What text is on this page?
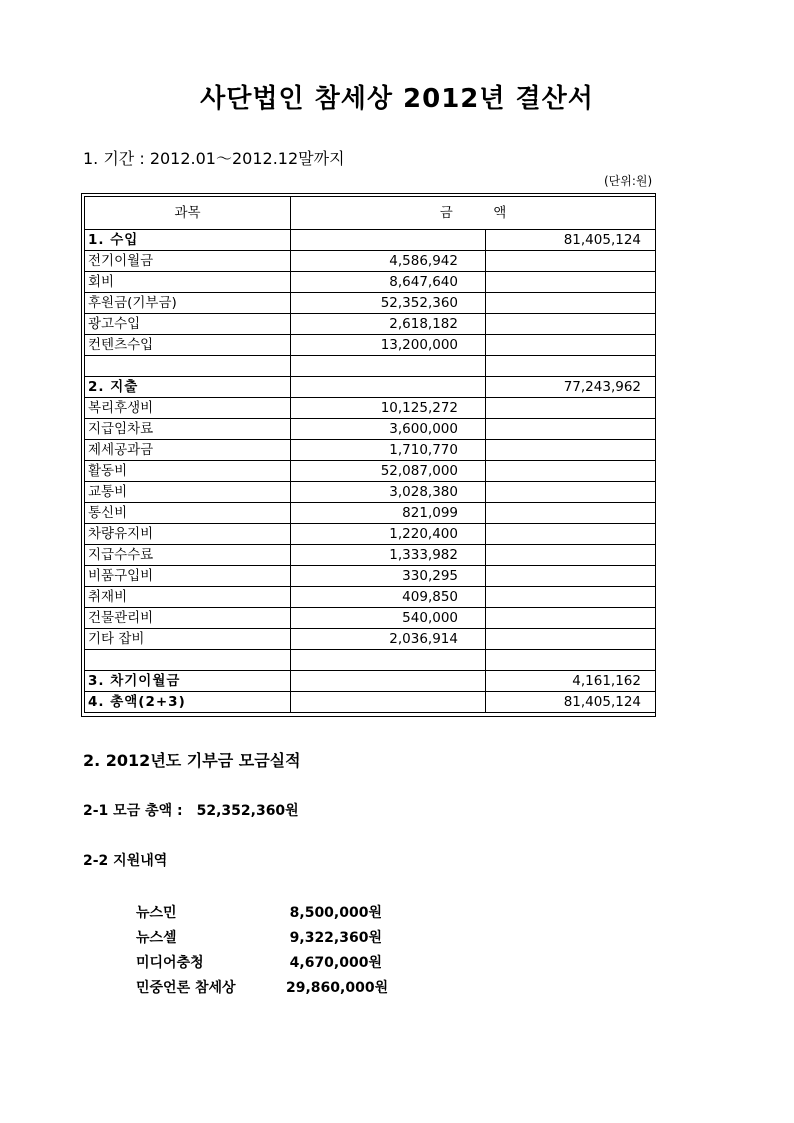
사단법인 참세상 2012년 결산서
1. 기간 : 2012.01～2012.12말까지
(단위:원)
과목	금　　　액	
1. 수입		81,405,124
전기이월금	4,586,942	
회비	8,647,640	
후원금(기부금)	52,352,360	
광고수입	2,618,182	
컨텐츠수입	13,200,000	

2. 지출		77,243,962
복리후생비	10,125,272	
지급임차료	3,600,000	
제세공과금	1,710,770	
활동비	52,087,000	
교통비	3,028,380	
통신비	821,099	
차량유지비	1,220,400	
지급수수료	1,333,982	
비품구입비	330,295	
취재비	409,850	
건물관리비	540,000	
기타 잡비	2,036,914	

3. 차기이월금		4,161,162
4. 총액(2+3)		81,405,124
2. 2012년도 기부금 모금실적
2-1 모금 총액 :　52,352,360원
2-2 지원내역
뉴스민	8,500,000원
뉴스셀	9,322,360원
미디어충청	4,670,000원
민중언론 참세상	29,860,000원
